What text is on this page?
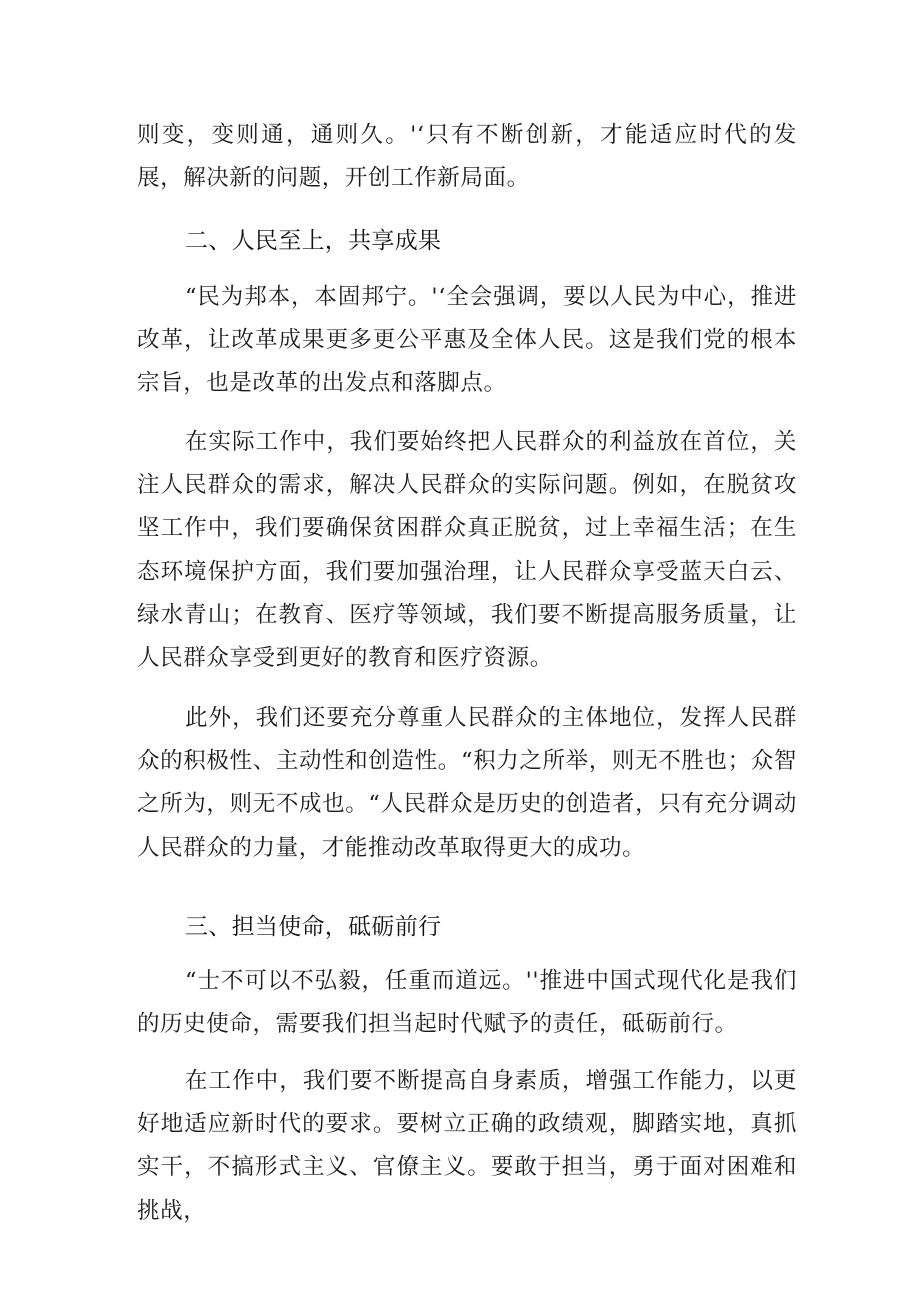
则变，变则通，通则久。'‘只有不断创新，才能适应时代的发展，解决新的问题，开创工作新局面。

二、人民至上，共享成果

“民为邦本，本固邦宁。'‘全会强调，要以人民为中心，推进改革，让改革成果更多更公平惠及全体人民。这是我们党的根本宗旨，也是改革的出发点和落脚点。

在实际工作中，我们要始终把人民群众的利益放在首位，关注人民群众的需求，解决人民群众的实际问题。例如，在脱贫攻坚工作中，我们要确保贫困群众真正脱贫，过上幸福生活；在生态环境保护方面，我们要加强治理，让人民群众享受蓝天白云、绿水青山；在教育、医疗等领域，我们要不断提高服务质量，让人民群众享受到更好的教育和医疗资源。

此外，我们还要充分尊重人民群众的主体地位，发挥人民群众的积极性、主动性和创造性。“积力之所举，则无不胜也；众智之所为，则无不成也。“人民群众是历史的创造者，只有充分调动人民群众的力量，才能推动改革取得更大的成功。

三、担当使命，砥砺前行

“士不可以不弘毅，任重而道远。''推进中国式现代化是我们的历史使命，需要我们担当起时代赋予的责任，砥砺前行。

在工作中，我们要不断提高自身素质，增强工作能力，以更好地适应新时代的要求。要树立正确的政绩观，脚踏实地，真抓实干，不搞形式主义、官僚主义。要敢于担当，勇于面对困难和挑战，
